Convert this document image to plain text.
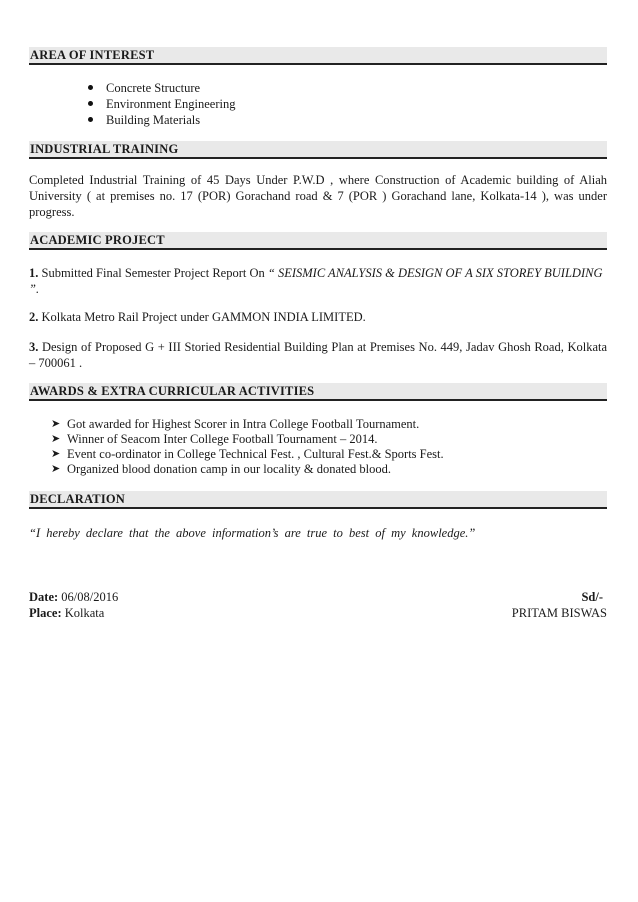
AREA OF INTEREST
Concrete Structure
Environment Engineering
Building Materials
INDUSTRIAL TRAINING
Completed Industrial Training of 45 Days Under P.W.D , where Construction of Academic building of Aliah University ( at premises no. 17 (POR) Gorachand road & 7 (POR ) Gorachand lane, Kolkata-14 ), was under progress.
ACADEMIC PROJECT
1. Submitted Final Semester Project Report On “ SEISMIC ANALYSIS & DESIGN OF A SIX STOREY BUILDING ”.
2. Kolkata Metro Rail Project under GAMMON INDIA LIMITED.
3. Design of Proposed G + III Storied Residential Building Plan at Premises No. 449, Jadav Ghosh Road, Kolkata – 700061 .
AWARDS & EXTRA CURRICULAR ACTIVITIES
➤ Got awarded for Highest Scorer in Intra College Football Tournament.
➤ Winner of Seacom Inter College Football Tournament – 2014.
➤ Event co-ordinator in College Technical Fest. , Cultural Fest.& Sports Fest.
➤ Organized blood donation camp in our locality & donated blood.
DECLARATION
“I hereby declare that the above information’s are true to best of my knowledge.”
Date: 06/08/2016
Place: Kolkata
Sd/-
PRITAM BISWAS
